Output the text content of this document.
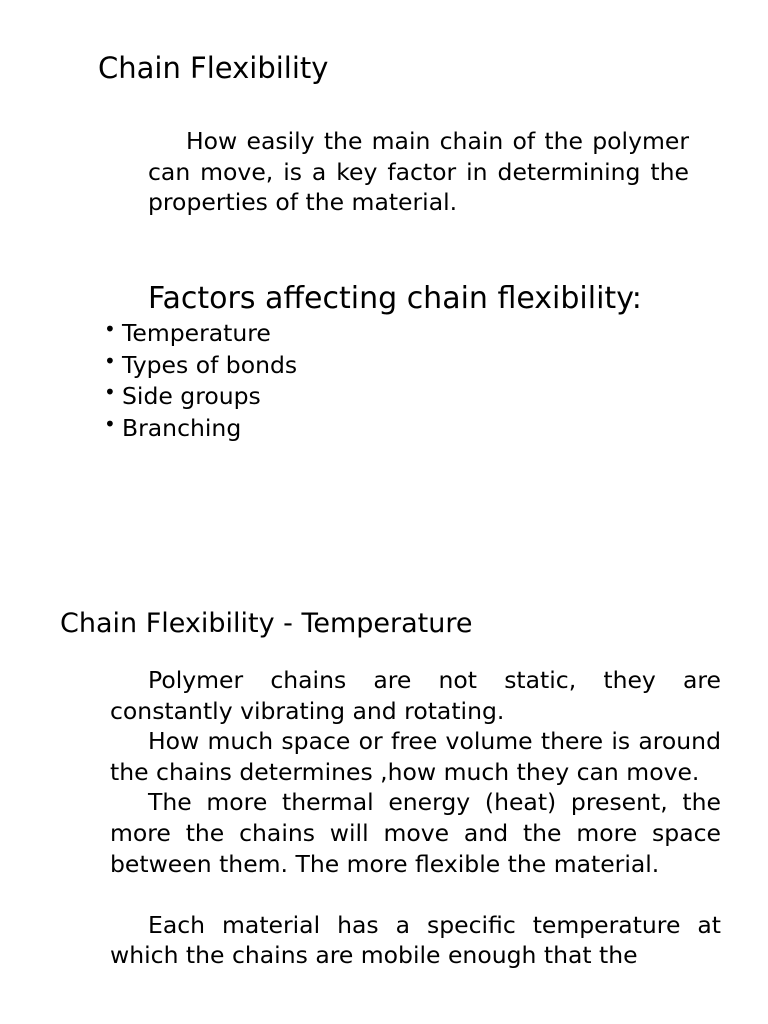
Chain Flexibility

How easily the main chain of the polymer can move, is a key factor in determining the properties of the material.

Factors affecting chain flexibility:
• Temperature
• Types of bonds
• Side groups
• Branching
Chain Flexibility - Temperature

Polymer chains are not static, they are constantly vibrating and rotating.

How much space or free volume there is around the chains determines ,how much they can move.

The more thermal energy (heat) present, the more the chains will move and the more space between them. The more flexible the material.

Each material has a specific temperature at which the chains are mobile enough that the
